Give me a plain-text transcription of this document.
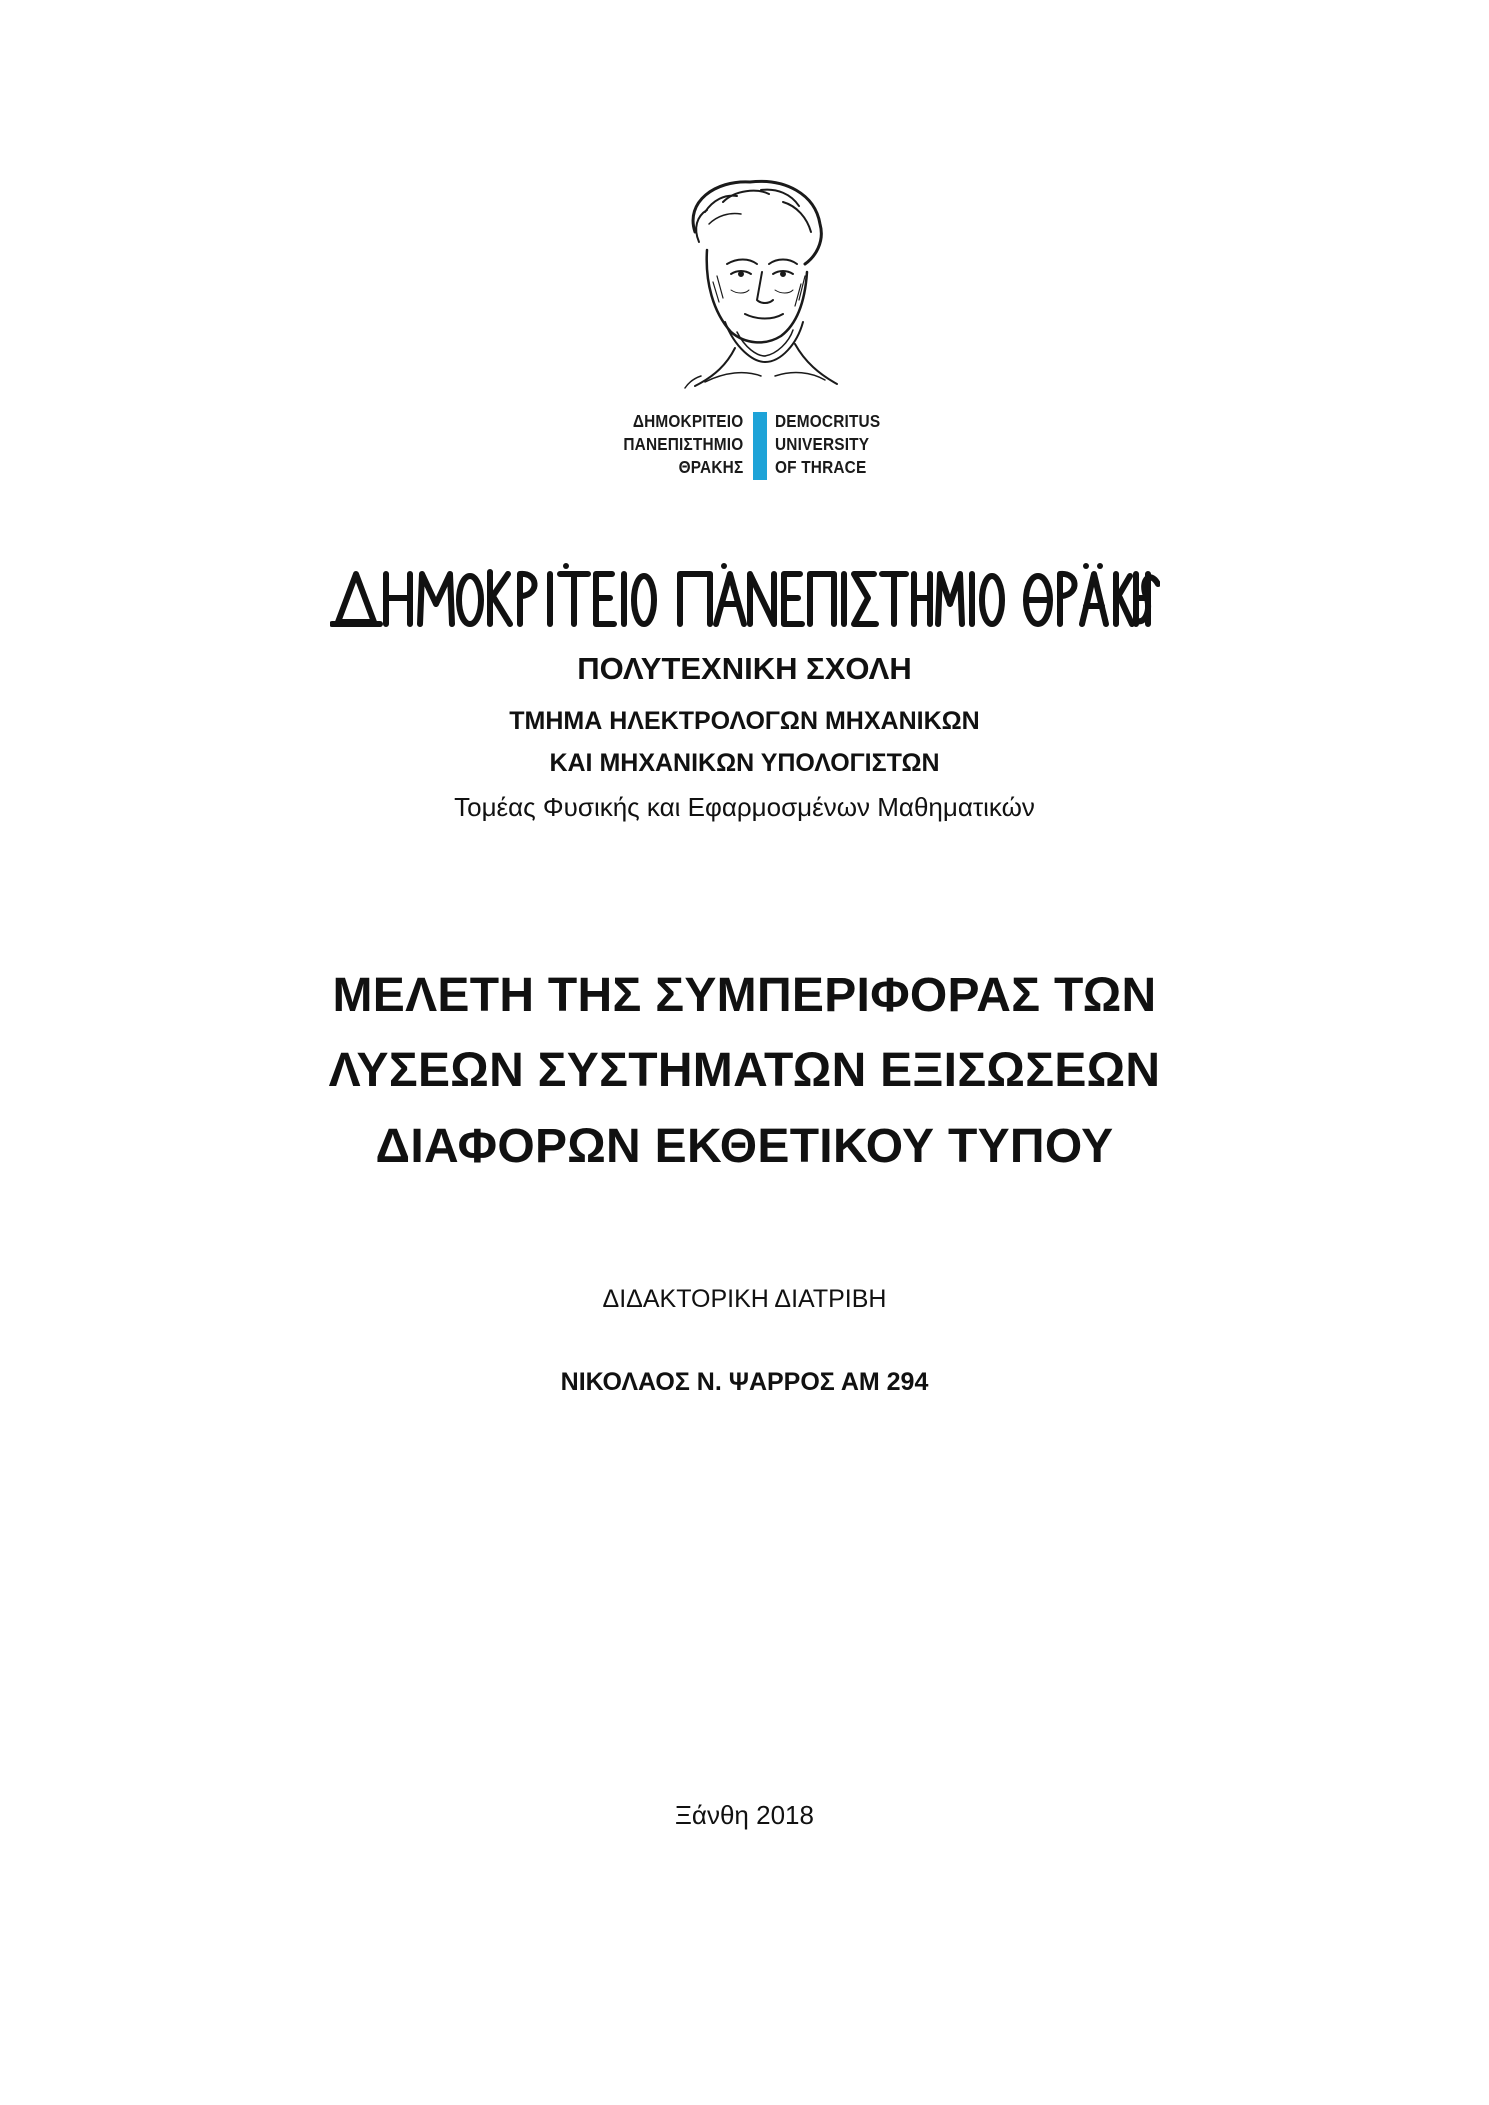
ΔΗΜΟΚΡΙΤΕΙΟ
ΠΑΝΕΠΙΣΤΗΜΙΟ
ΘΡΑΚΗΣ
DEMOCRITUS
UNIVERSITY
OF THRACE
ΠΟΛΥΤΕΧΝΙΚΗ ΣΧΟΛΗ
ΤΜΗΜΑ ΗΛΕΚΤΡΟΛΟΓΩΝ ΜΗΧΑΝΙΚΩΝ
ΚΑΙ ΜΗΧΑΝΙΚΩΝ ΥΠΟΛΟΓΙΣΤΩΝ
Τομέας Φυσικής και Εφαρμοσμένων Μαθηματικών
ΜΕΛΕΤΗ ΤΗΣ ΣΥΜΠΕΡΙΦΟΡΑΣ ΤΩΝ
ΛΥΣΕΩΝ ΣΥΣΤΗΜΑΤΩΝ ΕΞΙΣΩΣΕΩΝ
ΔΙΑΦΟΡΩΝ ΕΚΘΕΤΙΚΟΥ ΤΥΠΟΥ
ΔΙΔΑΚΤΟΡΙΚΗ ΔΙΑΤΡΙΒΗ
ΝΙΚΟΛΑΟΣ Ν. ΨΑΡΡΟΣ ΑΜ 294
Ξάνθη 2018
